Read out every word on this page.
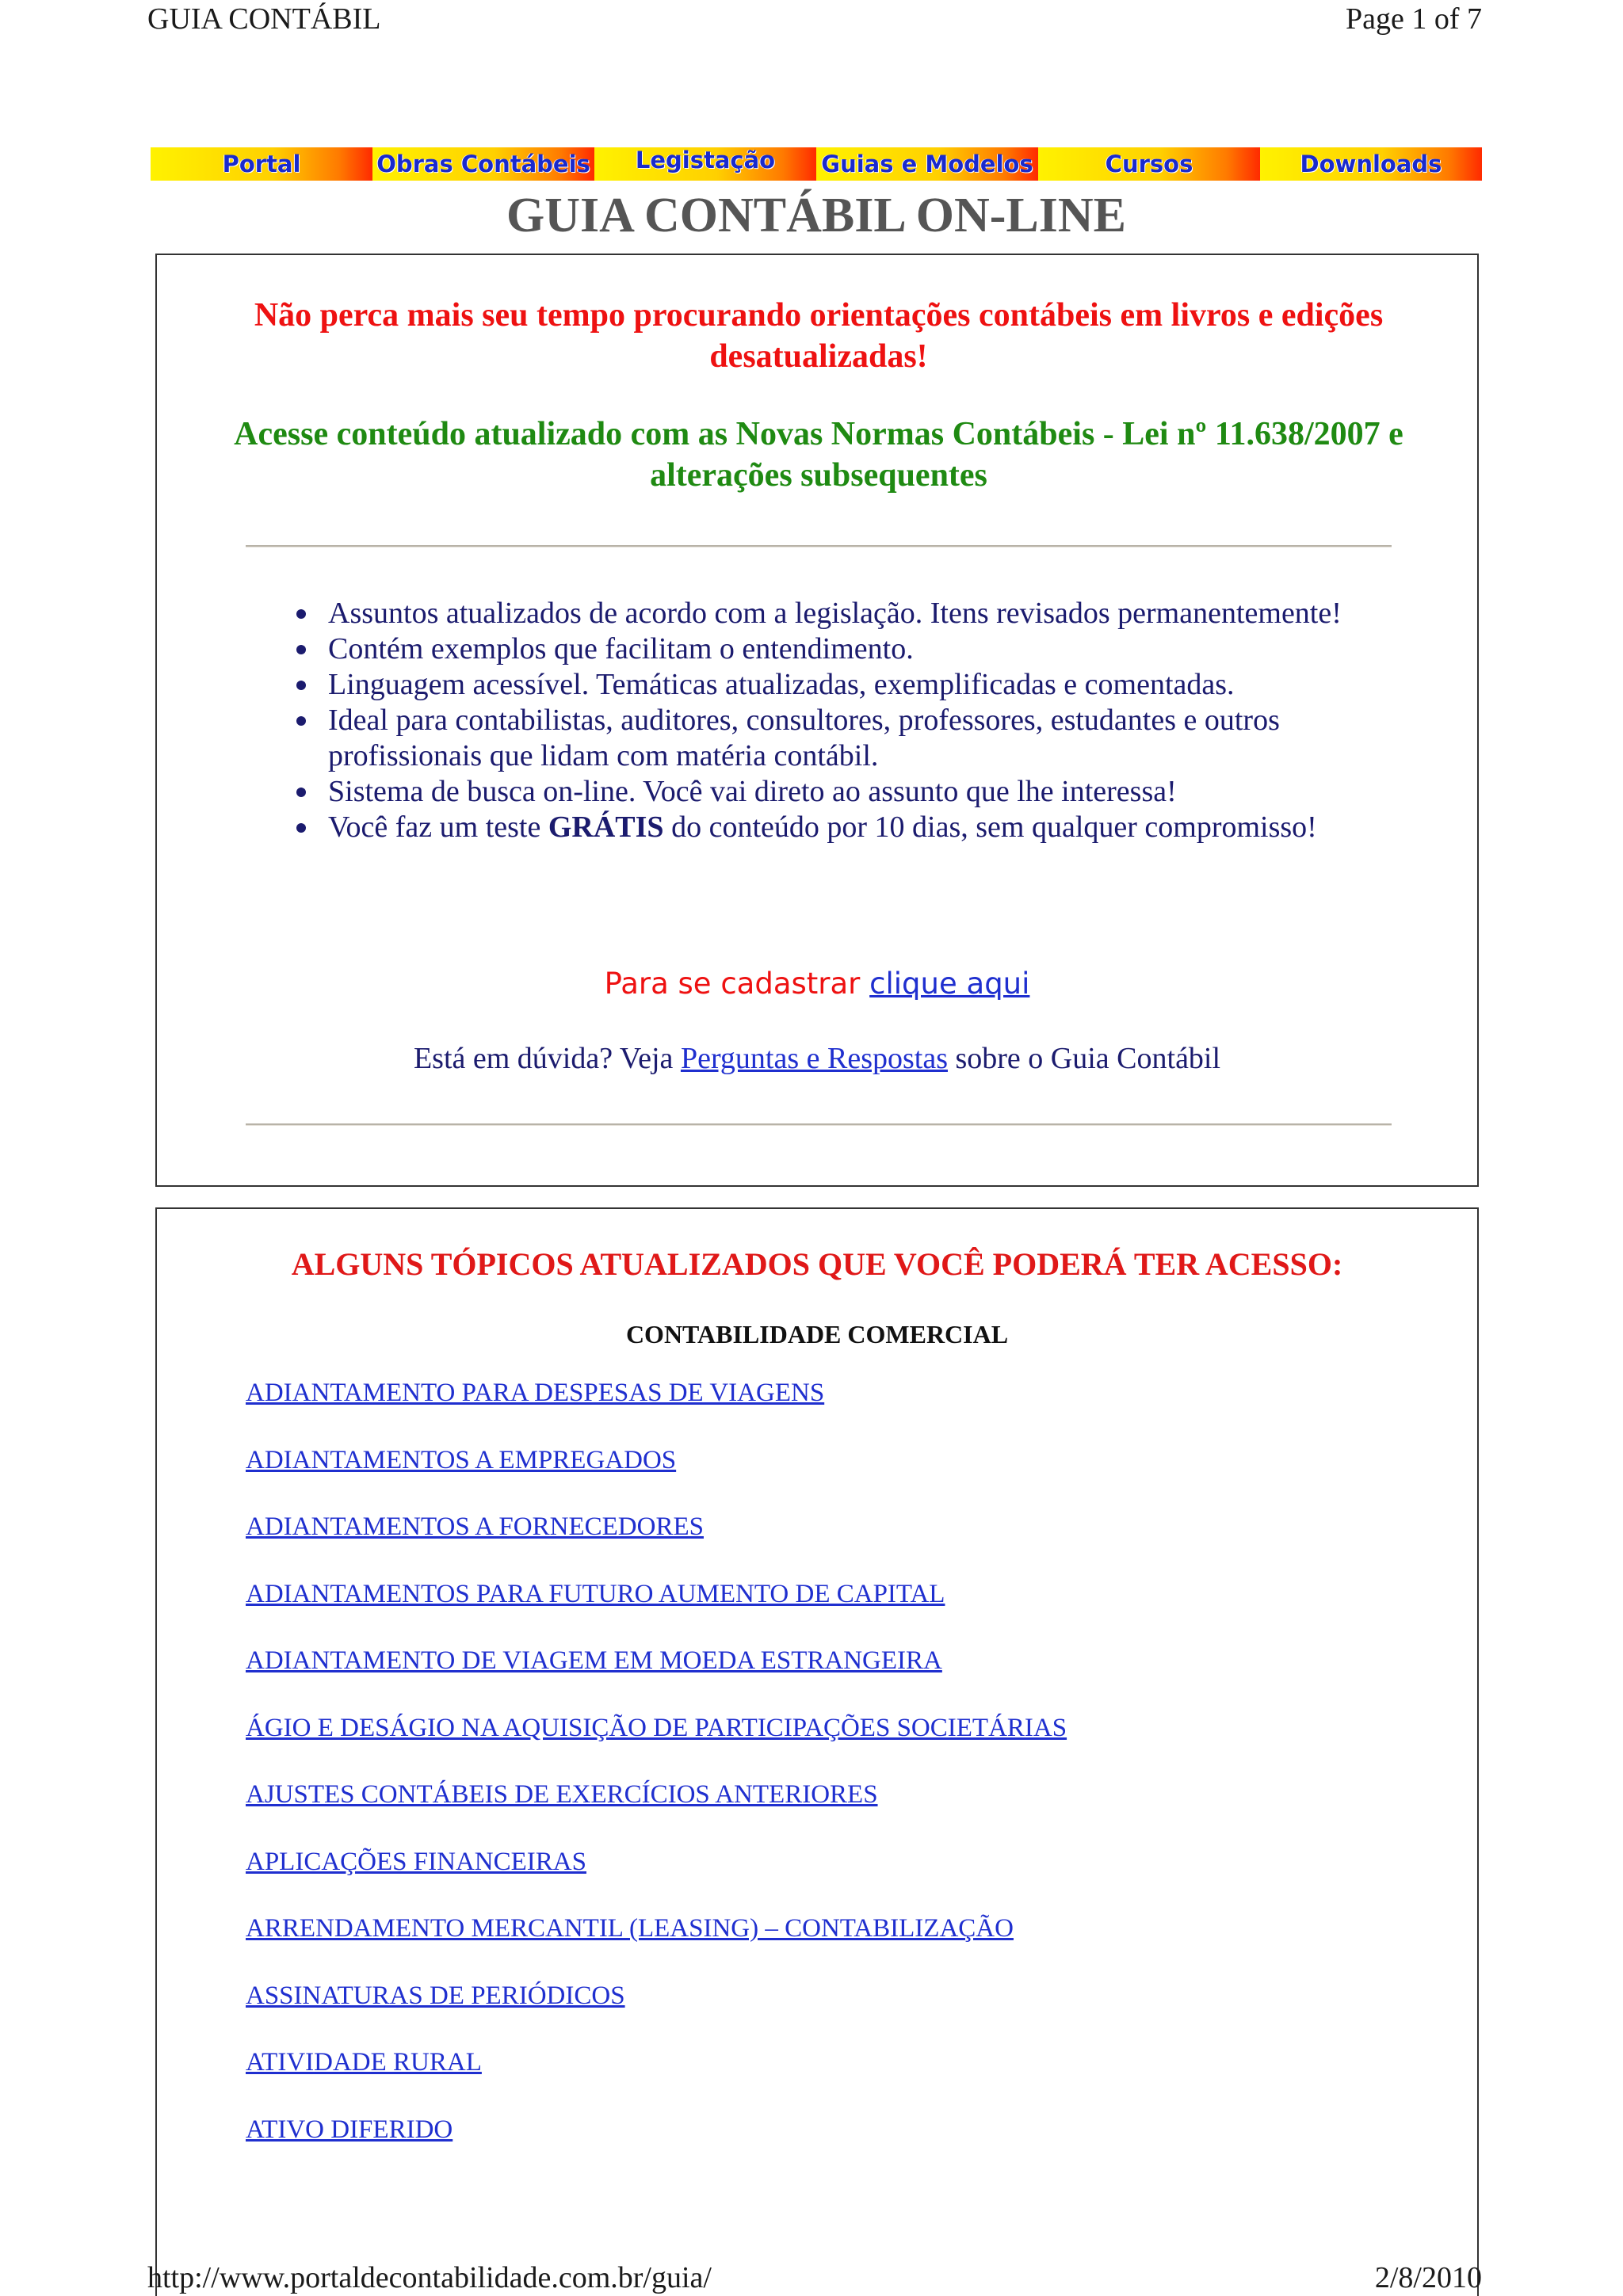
GUIA CONTÁBIL	Page 1 of 7
Portal	Obras Contábeis	Legistação	Guias e Modelos	Cursos	Downloads
GUIA CONTÁBIL ON-LINE
Não perca mais seu tempo procurando orientações contábeis em livros e edições desatualizadas!
Acesse conteúdo atualizado com as Novas Normas Contábeis - Lei nº 11.638/2007 e alterações subsequentes
Assuntos atualizados de acordo com a legislação. Itens revisados permanentemente!
Contém exemplos que facilitam o entendimento.
Linguagem acessível. Temáticas atualizadas, exemplificadas e comentadas.
Ideal para contabilistas, auditores, consultores, professores, estudantes e outros profissionais que lidam com matéria contábil.
Sistema de busca on-line. Você vai direto ao assunto que lhe interessa!
Você faz um teste GRÁTIS do conteúdo por 10 dias, sem qualquer compromisso!
Para se cadastrar clique aqui
Está em dúvida? Veja Perguntas e Respostas sobre o Guia Contábil
ALGUNS TÓPICOS ATUALIZADOS QUE VOCÊ PODERÁ TER ACESSO:
CONTABILIDADE COMERCIAL
ADIANTAMENTO PARA DESPESAS DE VIAGENS
ADIANTAMENTOS A EMPREGADOS
ADIANTAMENTOS A FORNECEDORES
ADIANTAMENTOS PARA FUTURO AUMENTO DE CAPITAL
ADIANTAMENTO DE VIAGEM EM MOEDA ESTRANGEIRA
ÁGIO E DESÁGIO NA AQUISIÇÃO DE PARTICIPAÇÕES SOCIETÁRIAS
AJUSTES CONTÁBEIS DE EXERCÍCIOS ANTERIORES
APLICAÇÕES FINANCEIRAS
ARRENDAMENTO MERCANTIL (LEASING) – CONTABILIZAÇÃO
ASSINATURAS DE PERIÓDICOS
ATIVIDADE RURAL
ATIVO DIFERIDO
http://www.portaldecontabilidade.com.br/guia/	2/8/2010
